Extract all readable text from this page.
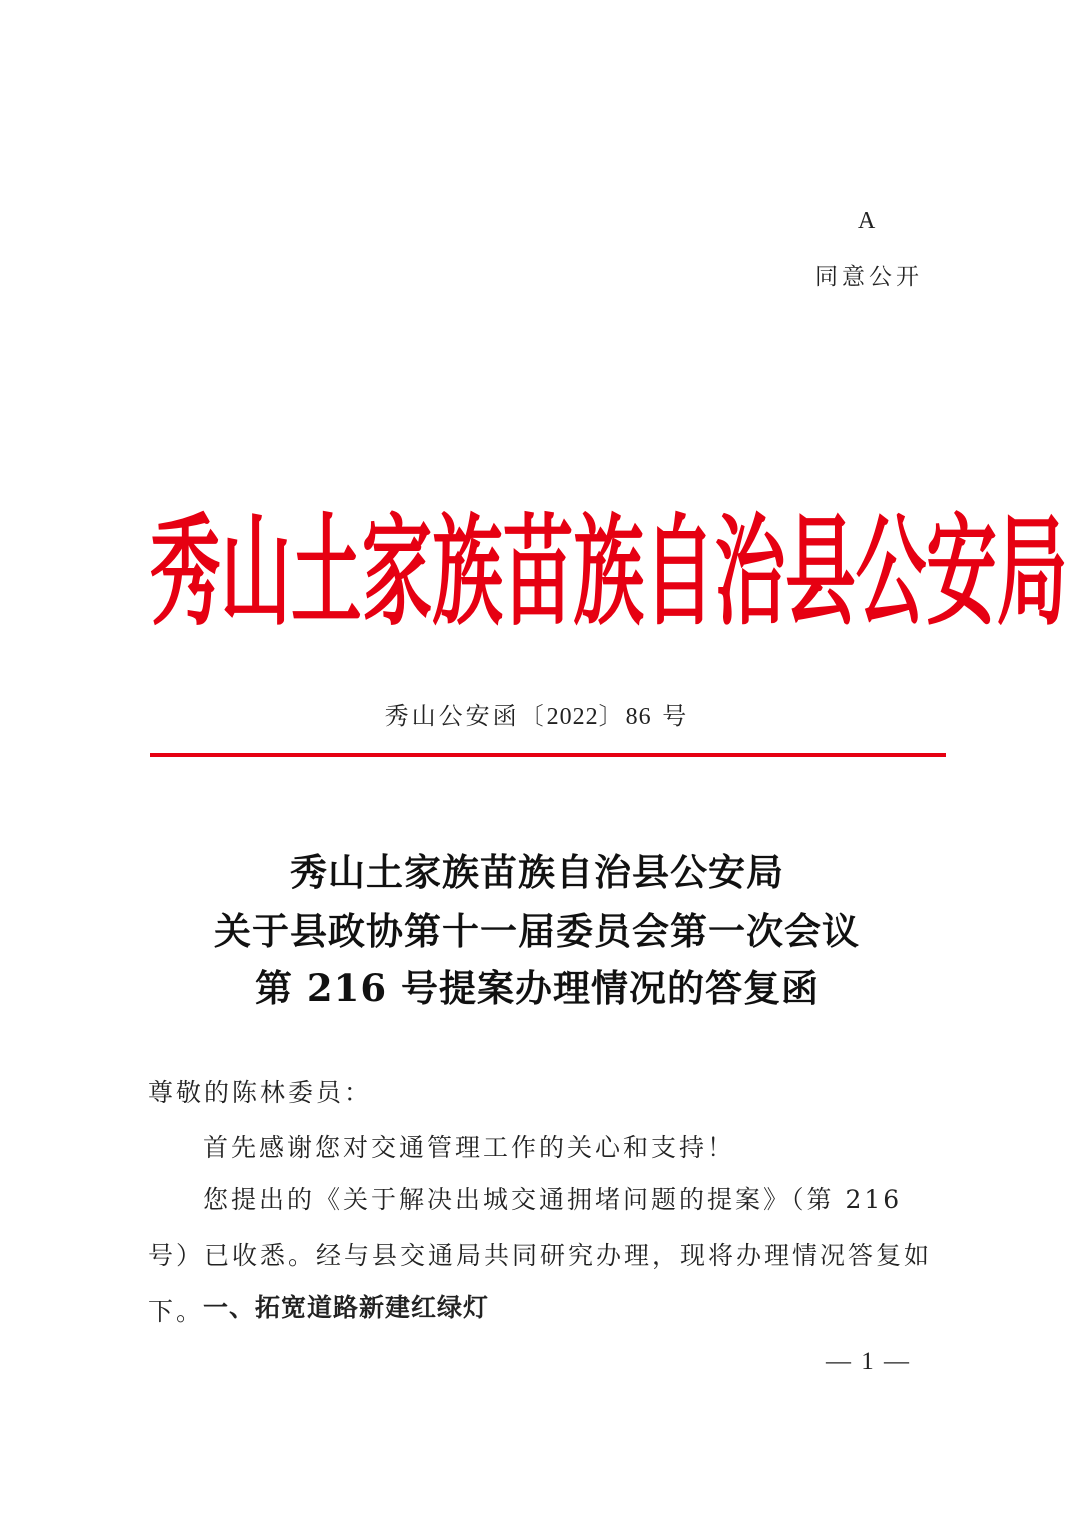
A
同意公开
秀 山 土 家 族 苗 族 自 治 县 公 安 局
秀山公安函〔2022〕86 号
秀山土家族苗族自治县公安局
关于县政协第十一届委员会第一次会议
第 216 号提案办理情况的答复函
尊敬的陈林委员：
首先感谢您对交通管理工作的关心和支持！
您提出的《关于解决出城交通拥堵问题的提案》（第 216 号）已收悉。经与县交通局共同研究办理，现将办理情况答复如下。
一、拓宽道路新建红绿灯
— 1 —
